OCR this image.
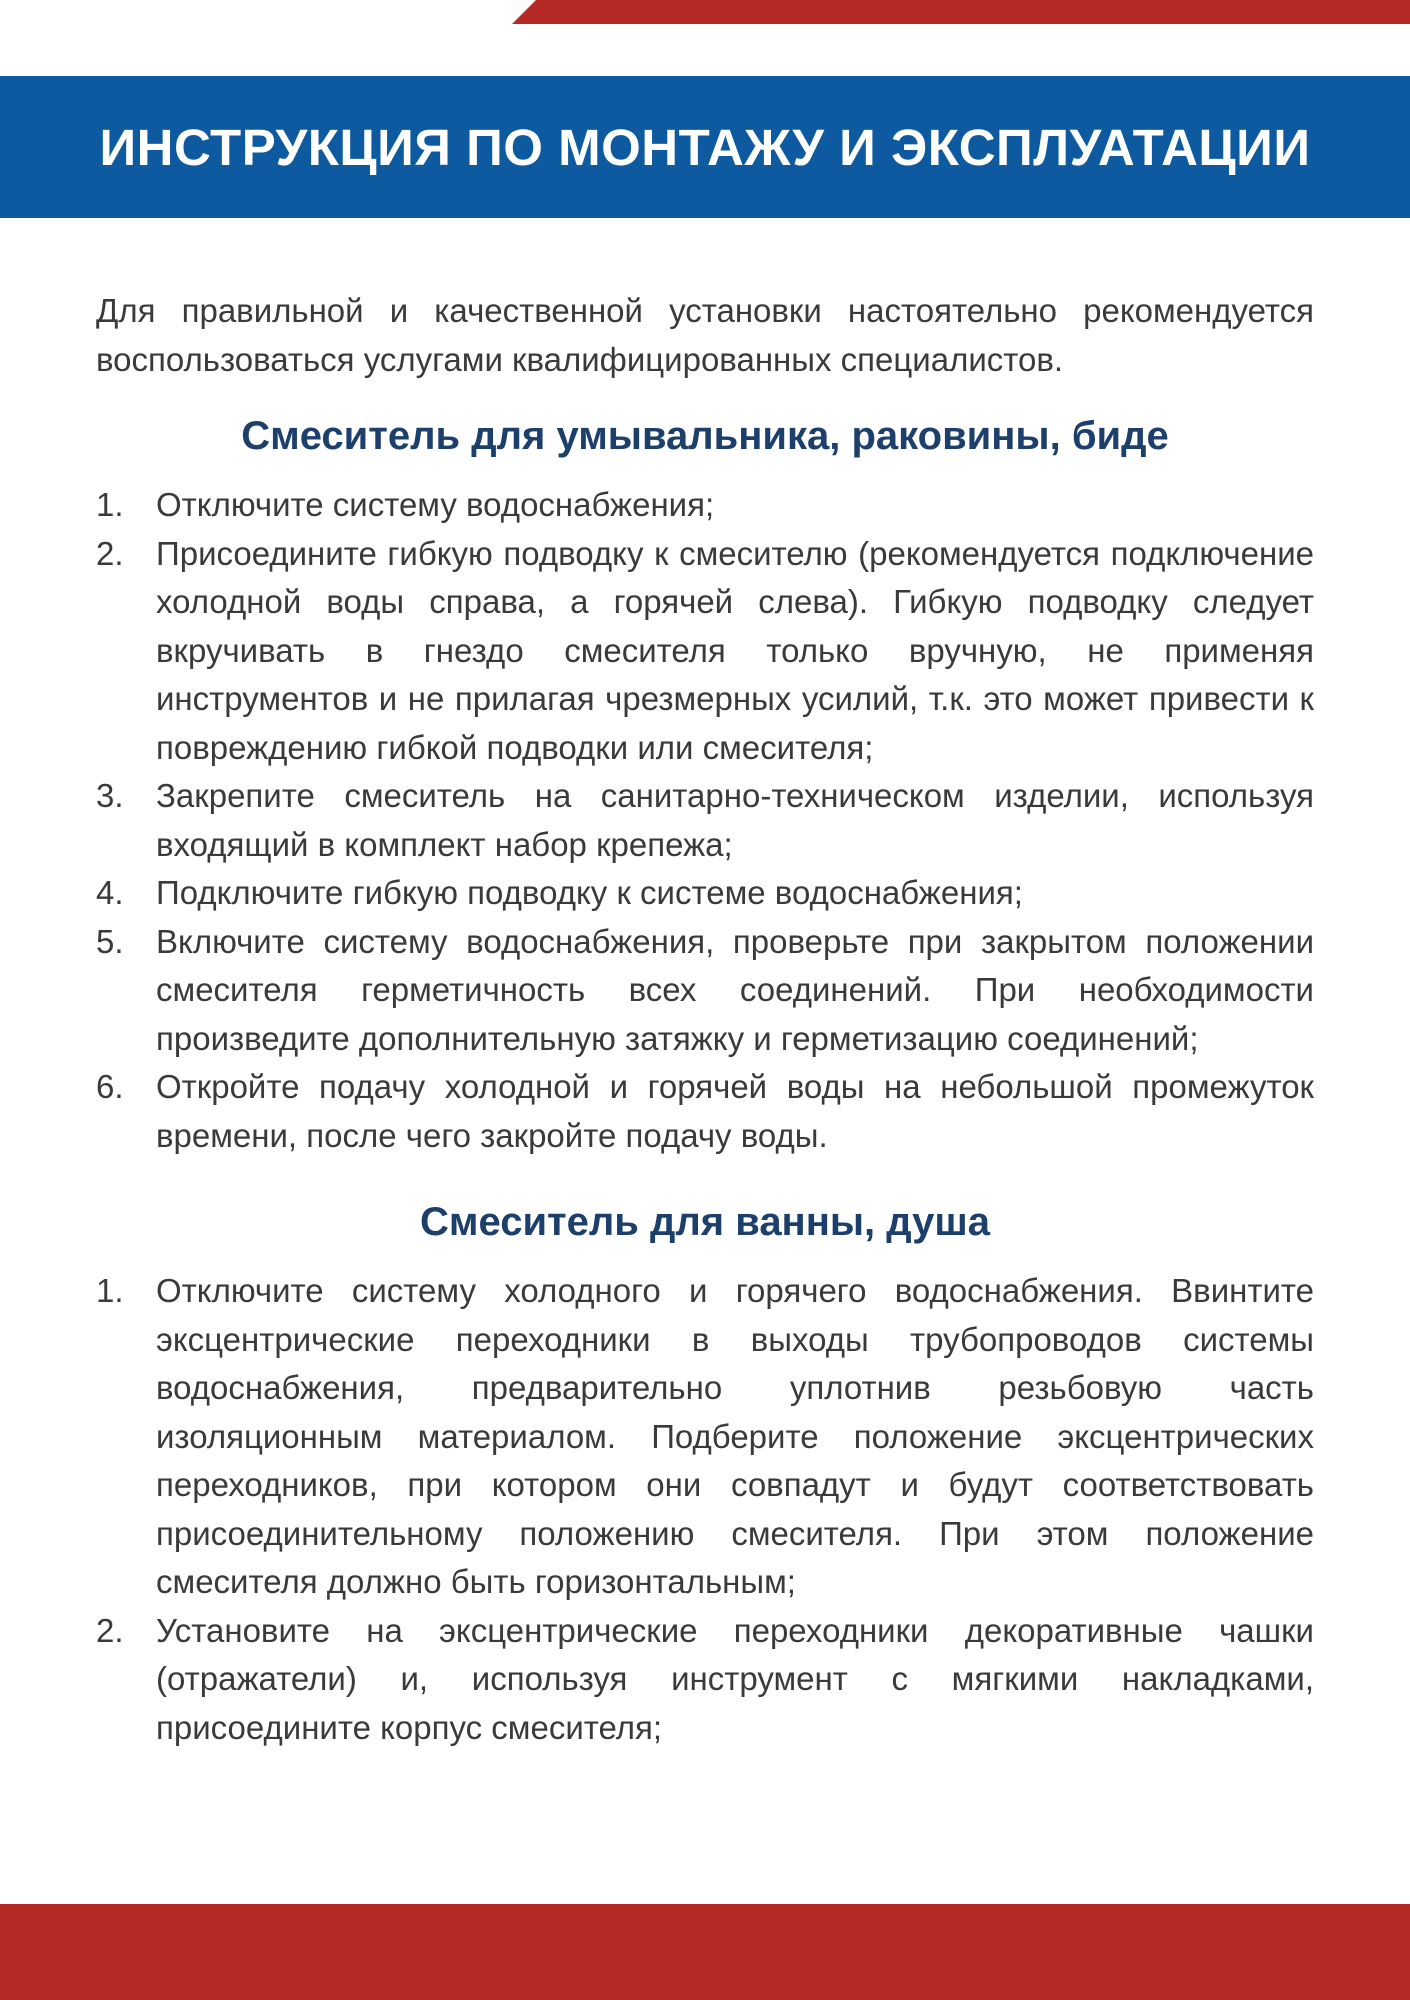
ИНСТРУКЦИЯ ПО МОНТАЖУ И ЭКСПЛУАТАЦИИ

Для правильной и качественной установки настоятельно рекомендуется воспользоваться услугами квалифицированных специалистов.

Смеситель для умывальника, раковины, биде
1. Отключите систему водоснабжения;
2. Присоедините гибкую подводку к смесителю (рекомендуется подключение холодной воды справа, а горячей слева). Гибкую подводку следует вкручивать в гнездо смесителя только вручную, не применяя инструментов и не прилагая чрезмерных усилий, т.к. это может привести к повреждению гибкой подводки или смесителя;
3. Закрепите смеситель на санитарно-техническом изделии, используя входящий в комплект набор крепежа;
4. Подключите гибкую подводку к системе водоснабжения;
5. Включите систему водоснабжения, проверьте при закрытом положении смесителя герметичность всех соединений. При необходимости произведите дополнительную затяжку и герметизацию соединений;
6. Откройте подачу холодной и горячей воды на небольшой промежуток времени, после чего закройте подачу воды.
Смеситель для ванны, душа
1. Отключите систему холодного и горячего водоснабжения. Ввинтите эксцентрические переходники в выходы трубопроводов системы водоснабжения, предварительно уплотнив резьбовую часть изоляционным материалом. Подберите положение эксцентрических переходников, при котором они совпадут и будут соответствовать присоединительному положению смесителя. При этом положение смесителя должно быть горизонтальным;
2. Установите на эксцентрические переходники декоративные чашки (отражатели) и, используя инструмент с мягкими накладками, присоедините корпус смесителя;
